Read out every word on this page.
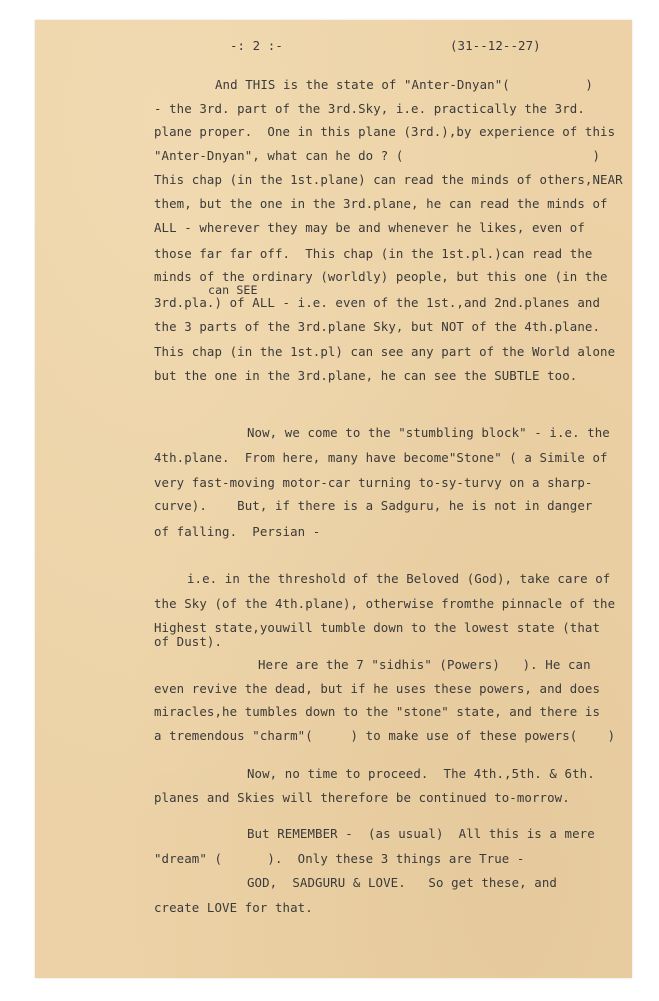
-: 2 :-	(31--12--27)
And THIS is the state of "Anter-Dnyan"(          )
- the 3rd. part of the 3rd.Sky, i.e. practically the 3rd.
plane proper.  One in this plane (3rd.),by experience of this
"Anter-Dnyan", what can he do ? (                         )
This chap (in the 1st.plane) can read the minds of others,NEAR
them, but the one in the 3rd.plane, he can read the minds of
ALL - wherever they may be and whenever he likes, even of
those far far off.  This chap (in the 1st.pl.)can read the
minds of the ordinary (worldly) people, but this one (in the
can SEE
3rd.pla.) of ALL - i.e. even of the 1st.,and 2nd.planes and
the 3 parts of the 3rd.plane Sky, but NOT of the 4th.plane.
This chap (in the 1st.pl) can see any part of the World alone
but the one in the 3rd.plane, he can see the SUBTLE too.
Now, we come to the "stumbling block" - i.e. the
4th.plane.  From here, many have become"Stone" ( a Simile of
very fast-moving motor-car turning to-sy-turvy on a sharp-
curve).    But, if there is a Sadguru, he is not in danger
of falling.  Persian -
i.e. in the threshold of the Beloved (God), take care of
the Sky (of the 4th.plane), otherwise fromthe pinnacle of the
Highest state,youwill tumble down to the lowest state (that
of Dust).
Here are the 7 "sidhis" (Powers)   ). He can
even revive the dead, but if he uses these powers, and does
miracles,he tumbles down to the "stone" state, and there is
a tremendous "charm"(     ) to make use of these powers(    )
Now, no time to proceed.  The 4th.,5th. & 6th.
planes and Skies will therefore be continued to-morrow.
But REMEMBER -  (as usual)  All this is a mere
"dream" (      ).  Only these 3 things are True -
GOD,  SADGURU & LOVE.   So get these, and
create LOVE for that.
